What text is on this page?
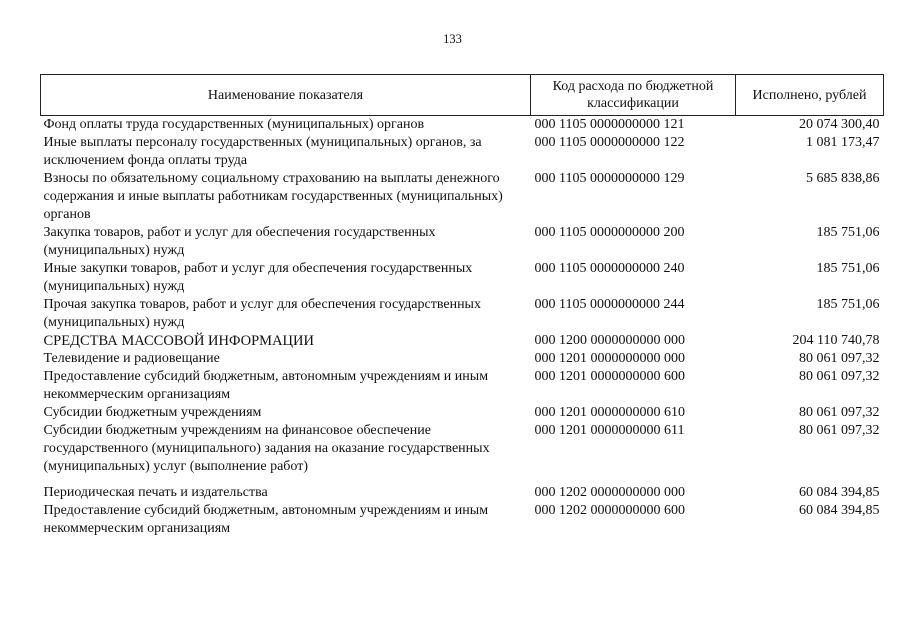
133
Наименование показателя	Код расхода по бюджетной классификации	Исполнено, рублей
Фонд оплаты труда государственных (муниципальных) органов	000 1105 0000000000 121	20 074 300,40
Иные выплаты персоналу государственных (муниципальных) органов, за исключением фонда оплаты труда	000 1105 0000000000 122	1 081 173,47
Взносы по обязательному социальному страхованию на выплаты денежного содержания и иные выплаты работникам государственных (муниципальных) органов	000 1105 0000000000 129	5 685 838,86
Закупка товаров, работ и услуг для обеспечения государственных (муниципальных) нужд	000 1105 0000000000 200	185 751,06
Иные закупки товаров, работ и услуг для обеспечения государственных (муниципальных) нужд	000 1105 0000000000 240	185 751,06
Прочая закупка товаров, работ и услуг для обеспечения государственных (муниципальных) нужд	000 1105 0000000000 244	185 751,06
СРЕДСТВА МАССОВОЙ ИНФОРМАЦИИ	000 1200 0000000000 000	204 110 740,78
Телевидение и радиовещание	000 1201 0000000000 000	80 061 097,32
Предоставление субсидий бюджетным, автономным учреждениям и иным некоммерческим организациям	000 1201 0000000000 600	80 061 097,32
Субсидии бюджетным учреждениям	000 1201 0000000000 610	80 061 097,32
Субсидии бюджетным учреждениям на финансовое обеспечение государственного (муниципального) задания на оказание государственных (муниципальных) услуг (выполнение работ)	000 1201 0000000000 611	80 061 097,32
Периодическая печать и издательства	000 1202 0000000000 000	60 084 394,85
Предоставление субсидий бюджетным, автономным учреждениям и иным некоммерческим организациям	000 1202 0000000000 600	60 084 394,85
